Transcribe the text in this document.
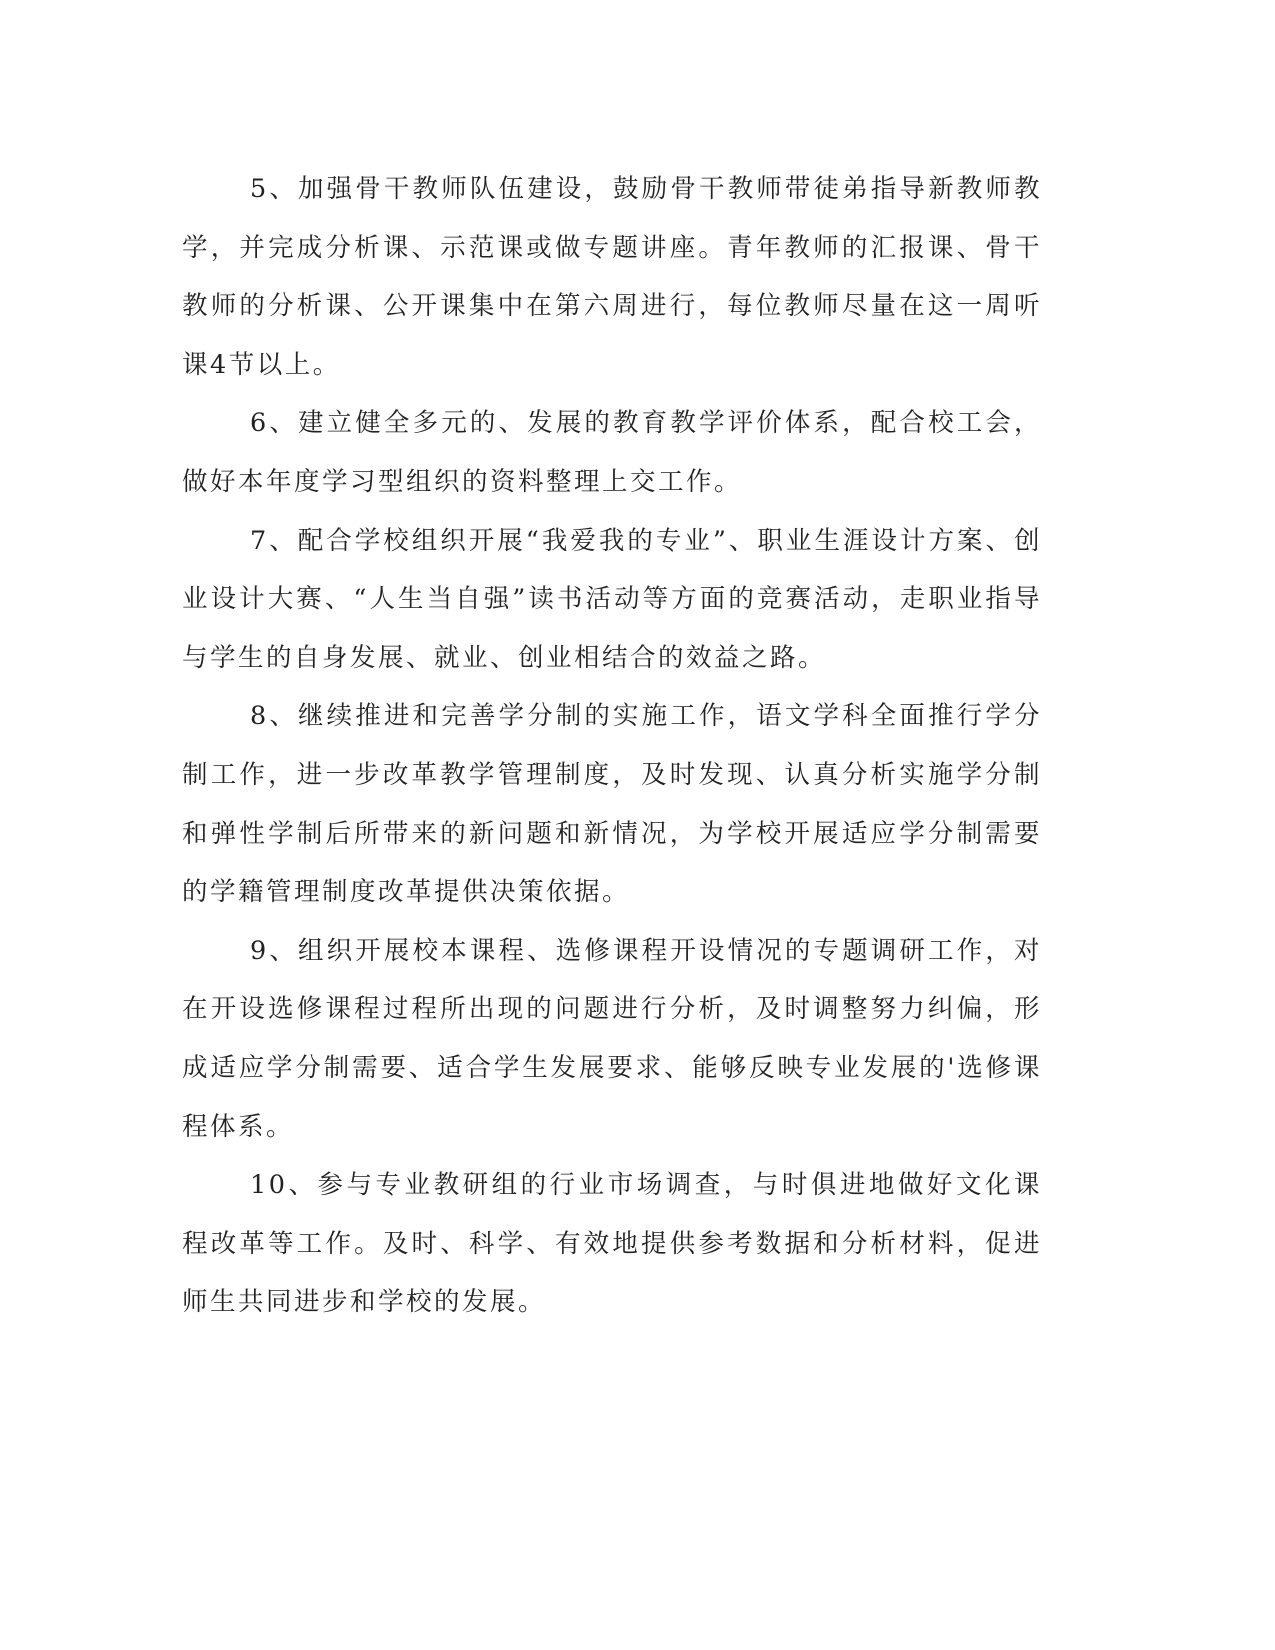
5、加强骨干教师队伍建设，鼓励骨干教师带徒弟指导新教师教学，并完成分析课、示范课或做专题讲座。青年教师的汇报课、骨干教师的分析课、公开课集中在第六周进行，每位教师尽量在这一周听课4节以上。

6、建立健全多元的、发展的教育教学评价体系，配合校工会，做好本年度学习型组织的资料整理上交工作。

7、配合学校组织开展“我爱我的专业”、职业生涯设计方案、创业设计大赛、“人生当自强”读书活动等方面的竞赛活动，走职业指导与学生的自身发展、就业、创业相结合的效益之路。

8、继续推进和完善学分制的实施工作，语文学科全面推行学分制工作，进一步改革教学管理制度，及时发现、认真分析实施学分制和弹性学制后所带来的新问题和新情况，为学校开展适应学分制需要的学籍管理制度改革提供决策依据。

9、组织开展校本课程、选修课程开设情况的专题调研工作，对在开设选修课程过程所出现的问题进行分析，及时调整努力纠偏，形成适应学分制需要、适合学生发展要求、能够反映专业发展的'选修课程体系。

10、参与专业教研组的行业市场调查，与时俱进地做好文化课程改革等工作。及时、科学、有效地提供参考数据和分析材料，促进师生共同进步和学校的发展。
